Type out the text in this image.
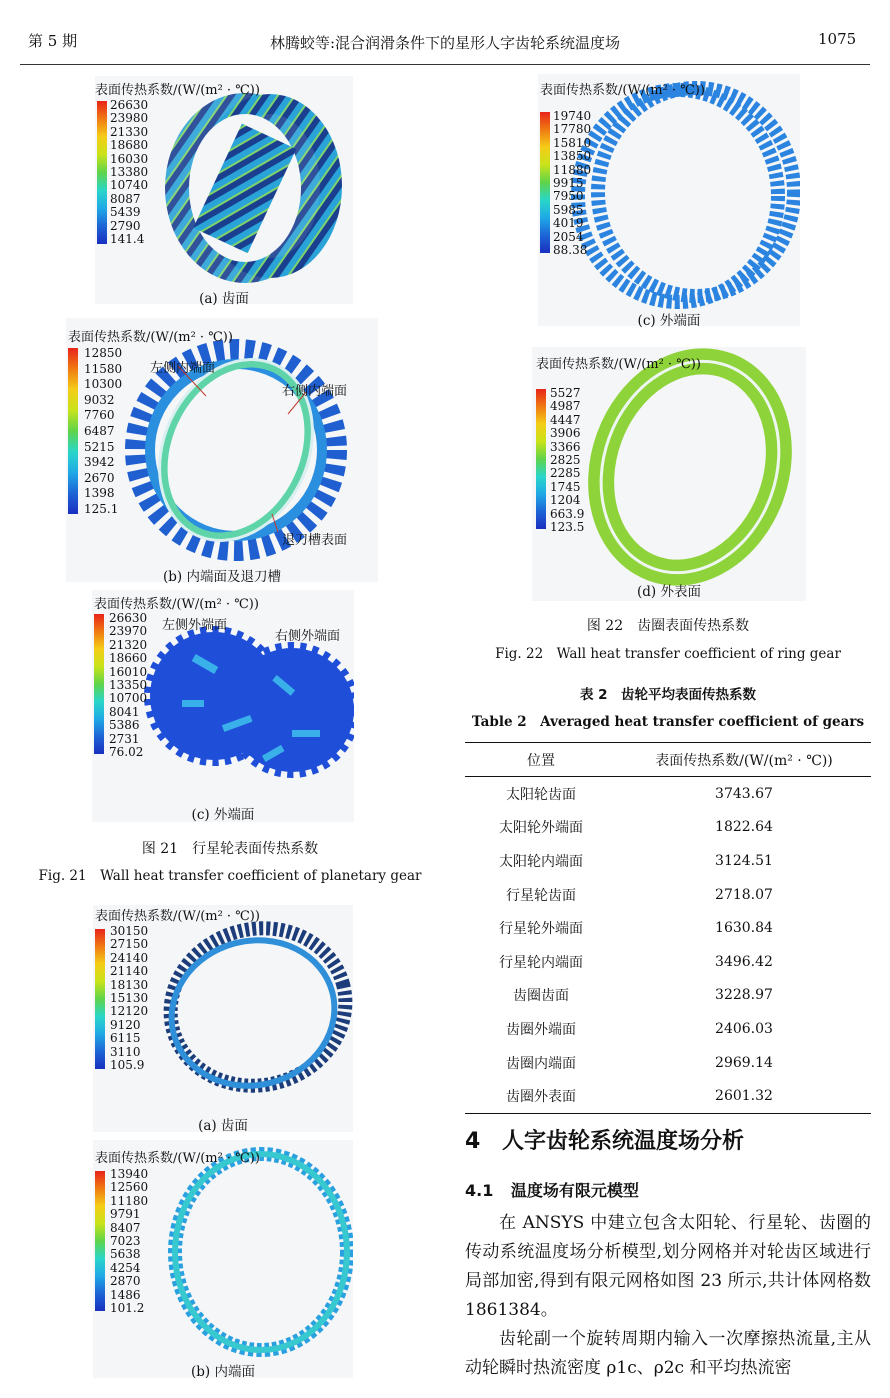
第 5 期	林腾蛟等:混合润滑条件下的星形人字齿轮系统温度场	1075
表面传热系数/(W/(m² · ℃))
26630
23980
21330
18680
16030
13380
10740
8087
5439
2790
141.4
(a) 齿面
表面传热系数/(W/(m² · ℃))
12850
11580
10300
9032
7760
6487
5215
3942
2670
1398
125.1
左侧内端面
右侧内端面
退刀槽表面
(b) 内端面及退刀槽
表面传热系数/(W/(m² · ℃))
26630
23970
21320
18660
16010
13350
10700
8041
5386
2731
76.02
左侧外端面
右侧外端面
(c) 外端面
图 21　行星轮表面传热系数
Fig. 21　Wall heat transfer coefficient of planetary gear
表面传热系数/(W/(m² · ℃))
30150
27150
24140
21140
18130
15130
12120
9120
6115
3110
105.9
(a) 齿面
表面传热系数/(W/(m² · ℃))
13940
12560
11180
9791
8407
7023
5638
4254
2870
1486
101.2
(b) 内端面
表面传热系数/(W/(m² · ℃))
19740
17780
15810
13850
11880
9915
7950
5985
4019
2054
88.38
(c) 外端面
表面传热系数/(W/(m² · ℃))
5527
4987
4447
3906
3366
2825
2285
1745
1204
663.9
123.5
(d) 外表面
图 22　齿圈表面传热系数
Fig. 22　Wall heat transfer coefficient of ring gear
表 2　齿轮平均表面传热系数
Table 2　Averaged heat transfer coefficient of gears
位置	表面传热系数/(W/(m² · ℃))
太阳轮齿面	3743.67
太阳轮外端面	1822.64
太阳轮内端面	3124.51
行星轮齿面	2718.07
行星轮外端面	1630.84
行星轮内端面	3496.42
齿圈齿面	3228.97
齿圈外端面	2406.03
齿圈内端面	2969.14
齿圈外表面	2601.32
4 人字齿轮系统温度场分析
4.1 温度场有限元模型
在 ANSYS 中建立包含太阳轮、行星轮、齿圈的传动系统温度场分析模型,划分网格并对轮齿区域进行局部加密,得到有限元网格如图 23 所示,共计体网格数 1861384。
齿轮副一个旋转周期内输入一次摩擦热流量,主从动轮瞬时热流密度 ρ1c、ρ2c 和平均热流密
